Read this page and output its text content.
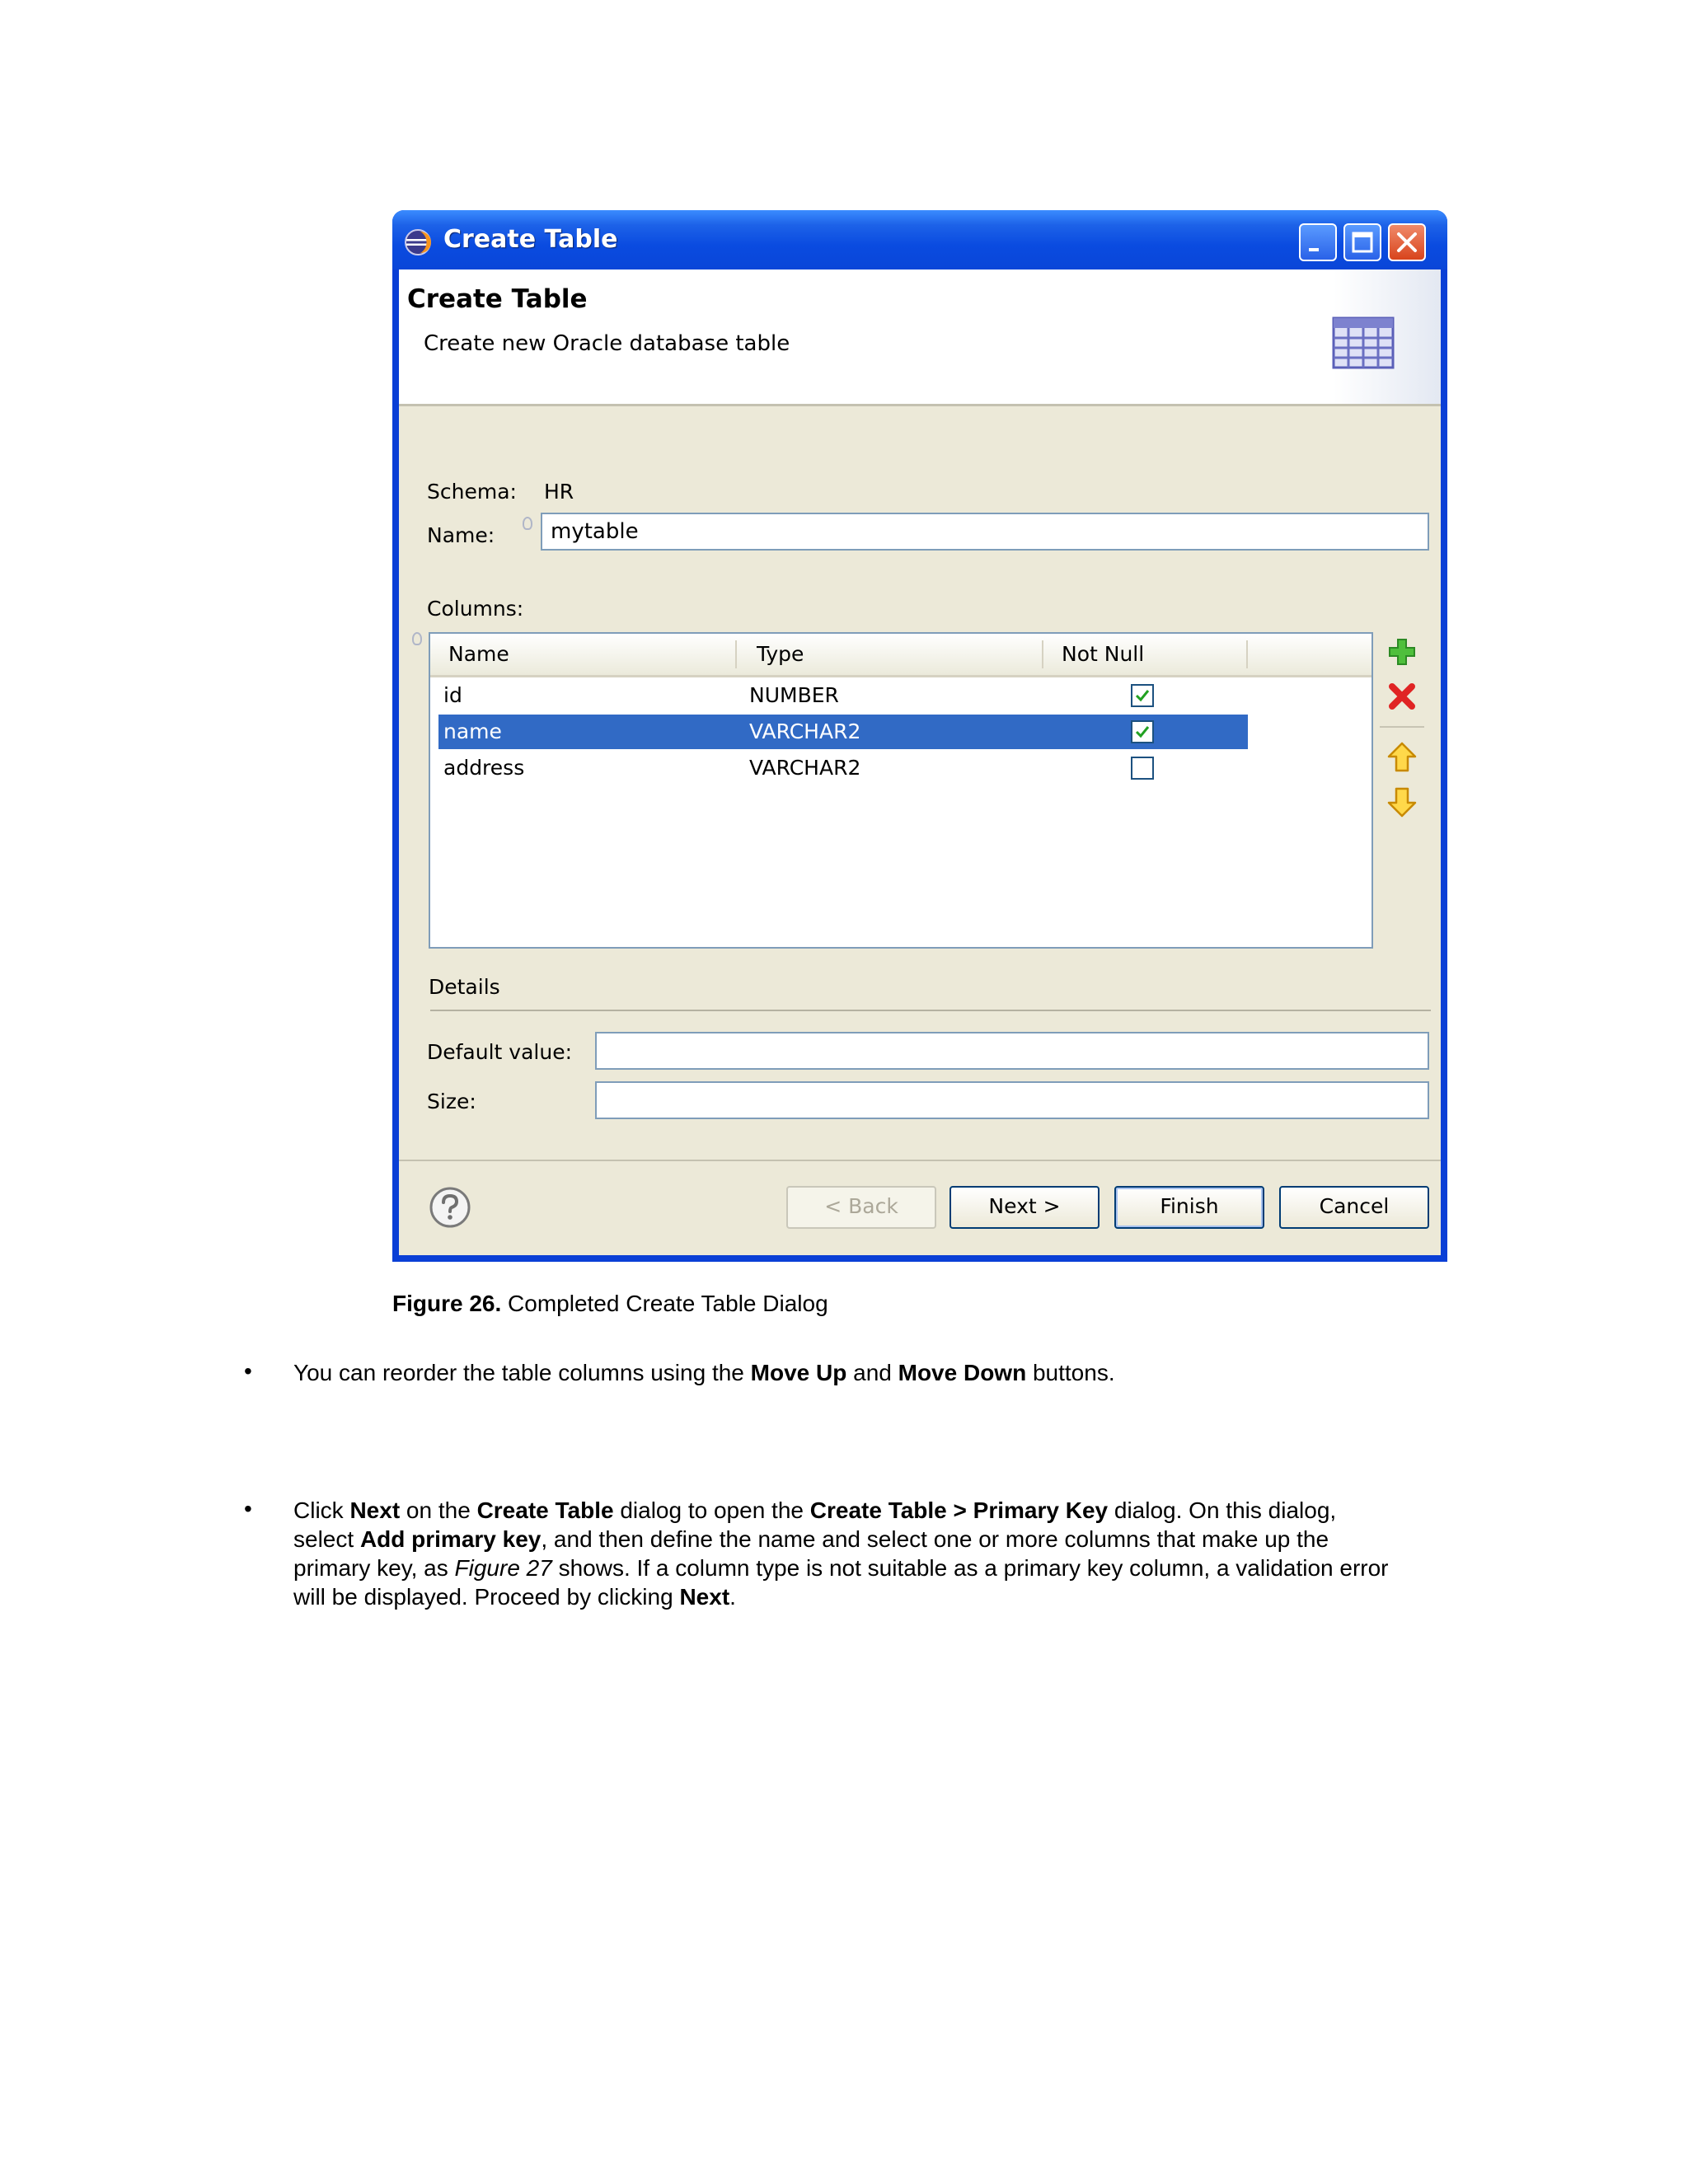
Create Table
Create Table
Create new Oracle database table
Schema: HR
Name:	mytable
Columns:
Name	Type	Not Null
id	NUMBER
name	VARCHAR2
address	VARCHAR2
Details
Default value:
Size:
< Back	Next >	Finish	Cancel
Figure 26. Completed Create Table Dialog
• You can reorder the table columns using the Move Up and Move Down buttons.
• Click Next on the Create Table dialog to open the Create Table > Primary Key dialog. On this dialog,
select Add primary key, and then define the name and select one or more columns that make up the
primary key, as Figure 27 shows. If a column type is not suitable as a primary key column, a validation error
will be displayed. Proceed by clicking Next.
